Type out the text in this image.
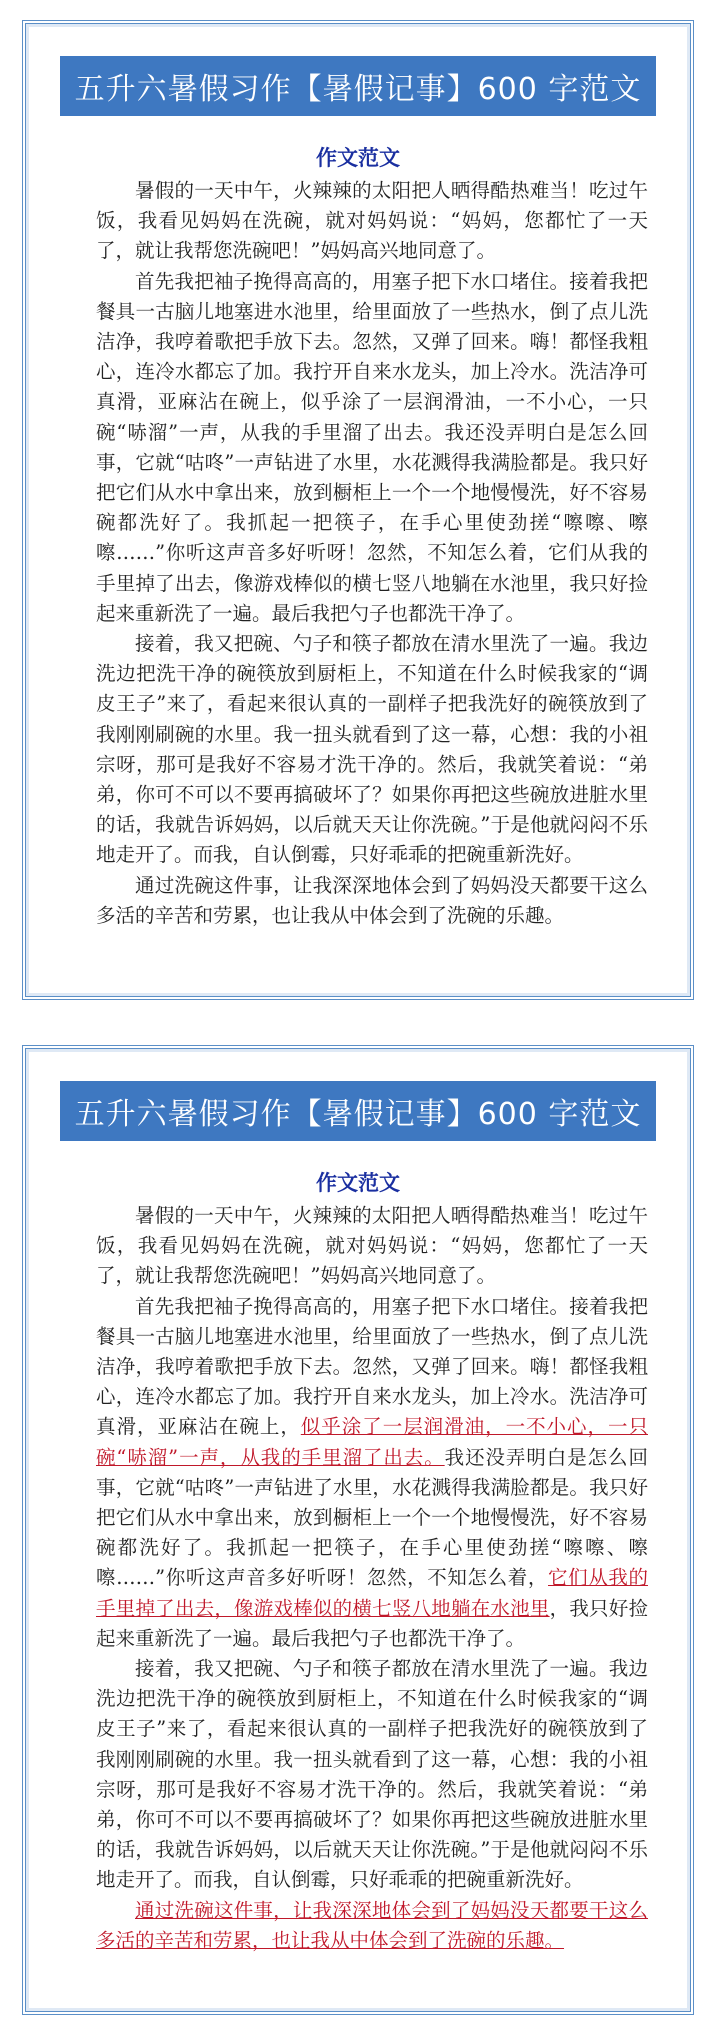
五升六暑假习作【暑假记事】600 字范文
作文范文

暑假的一天中午，火辣辣的太阳把人晒得酷热难当！吃过午饭，我看见妈妈在洗碗，就对妈妈说：“妈妈，您都忙了一天了，就让我帮您洗碗吧！”妈妈高兴地同意了。

首先我把袖子挽得高高的，用塞子把下水口堵住。接着我把餐具一古脑儿地塞进水池里，给里面放了一些热水，倒了点儿洗洁净，我哼着歌把手放下去。忽然，又弹了回来。嗨！都怪我粗心，连冷水都忘了加。我拧开自来水龙头，加上冷水。洗洁净可真滑，亚麻沾在碗上，似乎涂了一层润滑油，一不小心，一只碗“哧溜”一声，从我的手里溜了出去。我还没弄明白是怎么回事，它就“咕咚”一声钻进了水里，水花溅得我满脸都是。我只好把它们从水中拿出来，放到橱柜上一个一个地慢慢洗，好不容易碗都洗好了。我抓起一把筷子，在手心里使劲搓“嚓嚓、嚓嚓……”你听这声音多好听呀！忽然，不知怎么着，它们从我的手里掉了出去，像游戏棒似的横七竖八地躺在水池里，我只好捡起来重新洗了一遍。最后我把勺子也都洗干净了。

接着，我又把碗、勺子和筷子都放在清水里洗了一遍。我边洗边把洗干净的碗筷放到厨柜上，不知道在什么时候我家的“调皮王子”来了，看起来很认真的一副样子把我洗好的碗筷放到了我刚刚刷碗的水里。我一扭头就看到了这一幕，心想：我的小祖宗呀，那可是我好不容易才洗干净的。然后，我就笑着说：“弟弟，你可不可以不要再搞破坏了？如果你再把这些碗放进脏水里的话，我就告诉妈妈，以后就天天让你洗碗。”于是他就闷闷不乐地走开了。而我，自认倒霉，只好乖乖的把碗重新洗好。

通过洗碗这件事，让我深深地体会到了妈妈没天都要干这么多活的辛苦和劳累，也让我从中体会到了洗碗的乐趣。

五升六暑假习作【暑假记事】600 字范文
作文范文

暑假的一天中午，火辣辣的太阳把人晒得酷热难当！吃过午饭，我看见妈妈在洗碗，就对妈妈说：“妈妈，您都忙了一天了，就让我帮您洗碗吧！”妈妈高兴地同意了。

首先我把袖子挽得高高的，用塞子把下水口堵住。接着我把餐具一古脑儿地塞进水池里，给里面放了一些热水，倒了点儿洗洁净，我哼着歌把手放下去。忽然，又弹了回来。嗨！都怪我粗心，连冷水都忘了加。我拧开自来水龙头，加上冷水。洗洁净可真滑，亚麻沾在碗上，似乎涂了一层润滑油，一不小心，一只碗“哧溜”一声，从我的手里溜了出去。我还没弄明白是怎么回事，它就“咕咚”一声钻进了水里，水花溅得我满脸都是。我只好把它们从水中拿出来，放到橱柜上一个一个地慢慢洗，好不容易碗都洗好了。我抓起一把筷子，在手心里使劲搓“嚓嚓、嚓嚓……”你听这声音多好听呀！忽然，不知怎么着，它们从我的手里掉了出去，像游戏棒似的横七竖八地躺在水池里，我只好捡起来重新洗了一遍。最后我把勺子也都洗干净了。

接着，我又把碗、勺子和筷子都放在清水里洗了一遍。我边洗边把洗干净的碗筷放到厨柜上，不知道在什么时候我家的“调皮王子”来了，看起来很认真的一副样子把我洗好的碗筷放到了我刚刚刷碗的水里。我一扭头就看到了这一幕，心想：我的小祖宗呀，那可是我好不容易才洗干净的。然后，我就笑着说：“弟弟，你可不可以不要再搞破坏了？如果你再把这些碗放进脏水里的话，我就告诉妈妈，以后就天天让你洗碗。”于是他就闷闷不乐地走开了。而我，自认倒霉，只好乖乖的把碗重新洗好。

通过洗碗这件事，让我深深地体会到了妈妈没天都要干这么多活的辛苦和劳累，也让我从中体会到了洗碗的乐趣。
